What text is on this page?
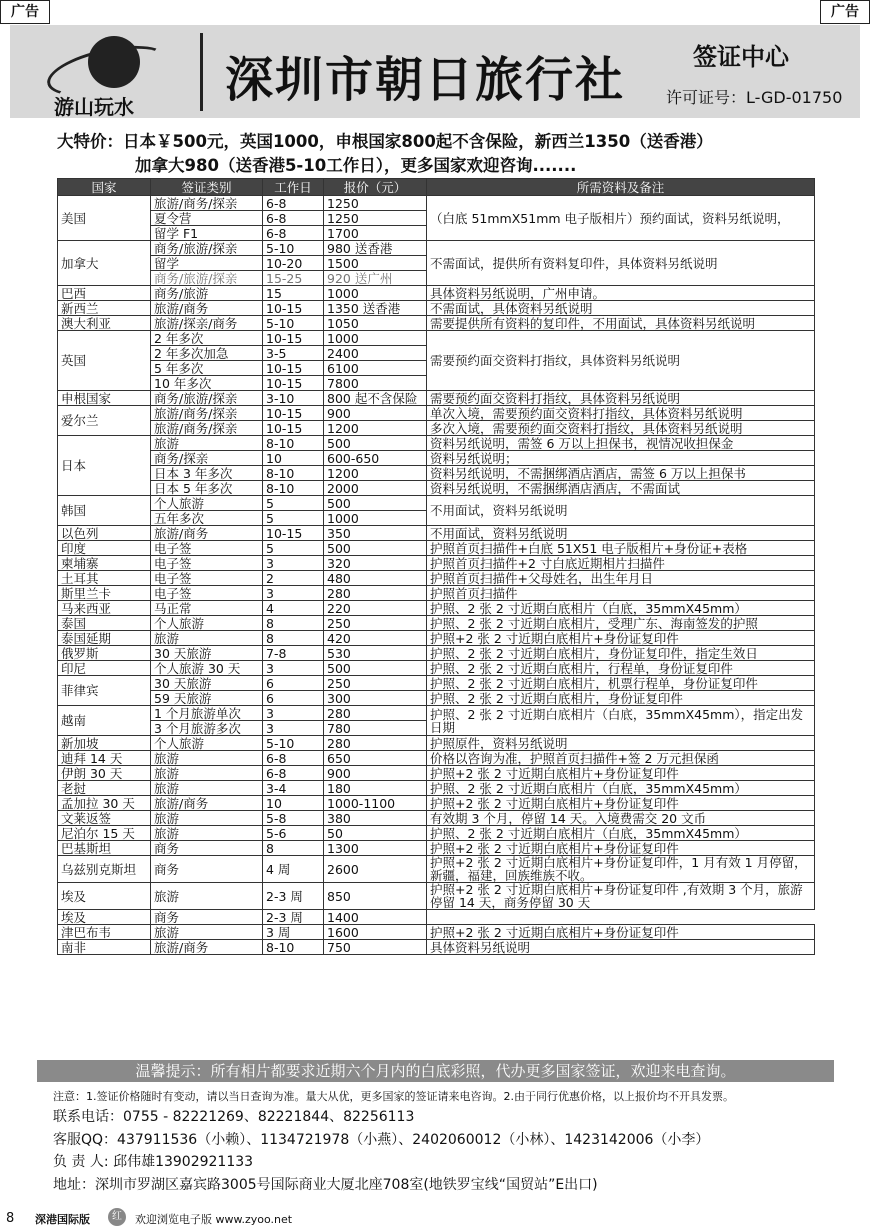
广告	广告
游山玩水 深圳市朝日旅行社	签证中心
许可证号：L-GD-01750
大特价：日本￥500元，英国1000，申根国家800起不含保险，新西兰1350（送香港）
加拿大980（送香港5-10工作日），更多国家欢迎咨询.......
国家	签证类别	工作日	报价（元）	所需资料及备注
美国	旅游/商务/探亲	6-8	1250	（白底 51mmX51mm 电子版相片）预约面试，资料另纸说明，
	夏令营	6-8	1250	
	留学 F1	6-8	1700	
加拿大	商务/旅游/探亲	5-10	980 送香港	不需面试，提供所有资料复印件，具体资料另纸说明
	留学	10-20	1500	
	商务/旅游/探亲	15-25	920 送广州	
巴西	商务/旅游	15	1000	具体资料另纸说明，广州申请。
新西兰	旅游/商务	10-15	1350 送香港	不需面试，具体资料另纸说明
澳大利亚	旅游/探亲/商务	5-10	1050	需要提供所有资料的复印件，不用面试，具体资料另纸说明
英国	2 年多次	10-15	1000	需要预约面交资料打指纹，具体资料另纸说明
	2 年多次加急	3-5	2400	
	5 年多次	10-15	6100	
	10 年多次	10-15	7800	
申根国家	商务/旅游/探亲	3-10	800 起不含保险	需要预约面交资料打指纹，具体资料另纸说明
爱尔兰	旅游/商务/探亲	10-15	900	单次入境，需要预约面交资料打指纹，具体资料另纸说明
	旅游/商务/探亲	10-15	1200	多次入境，需要预约面交资料打指纹，具体资料另纸说明
日本	旅游	8-10	500	资料另纸说明，需签 6 万以上担保书，视情况收担保金
	商务/探亲	10	600-650	资料另纸说明；
	日本 3 年多次	8-10	1200	资料另纸说明，不需捆绑酒店酒店，需签 6 万以上担保书
	日本 5 年多次	8-10	2000	资料另纸说明，不需捆绑酒店酒店，不需面试
韩国	个人旅游	5	500	不用面试，资料另纸说明
	五年多次	5	1000	
以色列	旅游/商务	10-15	350	不用面试，资料另纸说明
印度	电子签	5	500	护照首页扫描件+白底 51X51 电子版相片+身份证+表格
柬埔寨	电子签	3	320	护照首页扫描件+2 寸白底近期相片扫描件
土耳其	电子签	2	480	护照首页扫描件+父母姓名，出生年月日
斯里兰卡	电子签	3	280	护照首页扫描件
马来西亚	马正常	4	220	护照、2 张 2 寸近期白底相片（白底，35mmX45mm）
泰国	个人旅游	8	250	护照、2 张 2 寸近期白底相片，受理广东、海南签发的护照
泰国延期	旅游	8	420	护照+2 张 2 寸近期白底相片+身份证复印件
俄罗斯	30 天旅游	7-8	530	护照、2 张 2 寸近期白底相片，身份证复印件，指定生效日
印尼	个人旅游 30 天	3	500	护照、2 张 2 寸近期白底相片，行程单，身份证复印件
菲律宾	30 天旅游	6	250	护照、2 张 2 寸近期白底相片，机票行程单，身份证复印件
	59 天旅游	6	300	护照、2 张 2 寸近期白底相片，身份证复印件
越南	1 个月旅游单次	3	280	护照、2 张 2 寸近期白底相片（白底，35mmX45mm），指定出发日期
	3 个月旅游多次	3	780	
新加坡	个人旅游	5-10	280	护照原件，资料另纸说明
迪拜 14 天	旅游	6-8	650	价格以咨询为准，护照首页扫描件+签 2 万元担保函
伊朗 30 天	旅游	6-8	900	护照+2 张 2 寸近期白底相片+身份证复印件
老挝	旅游	3-4	180	护照、2 张 2 寸近期白底相片（白底，35mmX45mm）
孟加拉 30 天	旅游/商务	10	1000-1100	护照+2 张 2 寸近期白底相片+身份证复印件
文莱返签	旅游	5-8	380	有效期 3 个月，停留 14 天。入境费需交 20 文币
尼泊尔 15 天	旅游	5-6	50	护照、2 张 2 寸近期白底相片（白底，35mmX45mm）
巴基斯坦	商务	8	1300	护照+2 张 2 寸近期白底相片+身份证复印件
乌兹别克斯坦	商务	4 周	2600	护照+2 张 2 寸近期白底相片+身份证复印件，1 月有效 1 月停留，新疆，福建，回族维族不收。
埃及	旅游	2-3 周	850	护照+2 张 2 寸近期白底相片+身份证复印件 ,有效期 3 个月，旅游停留 14 天，商务停留 30 天
埃及	商务	2-3 周	1400	
津巴布韦	旅游	3 周	1600	护照+2 张 2 寸近期白底相片+身份证复印件
南非	旅游/商务	8-10	750	具体资料另纸说明
温馨提示：所有相片都要求近期六个月内的白底彩照，代办更多国家签证，欢迎来电查询。
注意：1.签证价格随时有变动，请以当日查询为准。量大从优，更多国家的签证请来电咨询。2.由于同行优惠价格，以上报价均不开具发票。
联系电话：0755 - 82221269、82221844、82256113
客服QQ：437911536（小赖）、1134721978（小燕）、2402060012（小林）、1423142006（小李）
负 责 人: 邱伟雄13902921133
地址：深圳市罗湖区嘉宾路3005号国际商业大厦北座708室(地铁罗宝线“国贸站”E出口)
8 深港国际版	红	欢迎浏览电子版 www.zyoo.net
